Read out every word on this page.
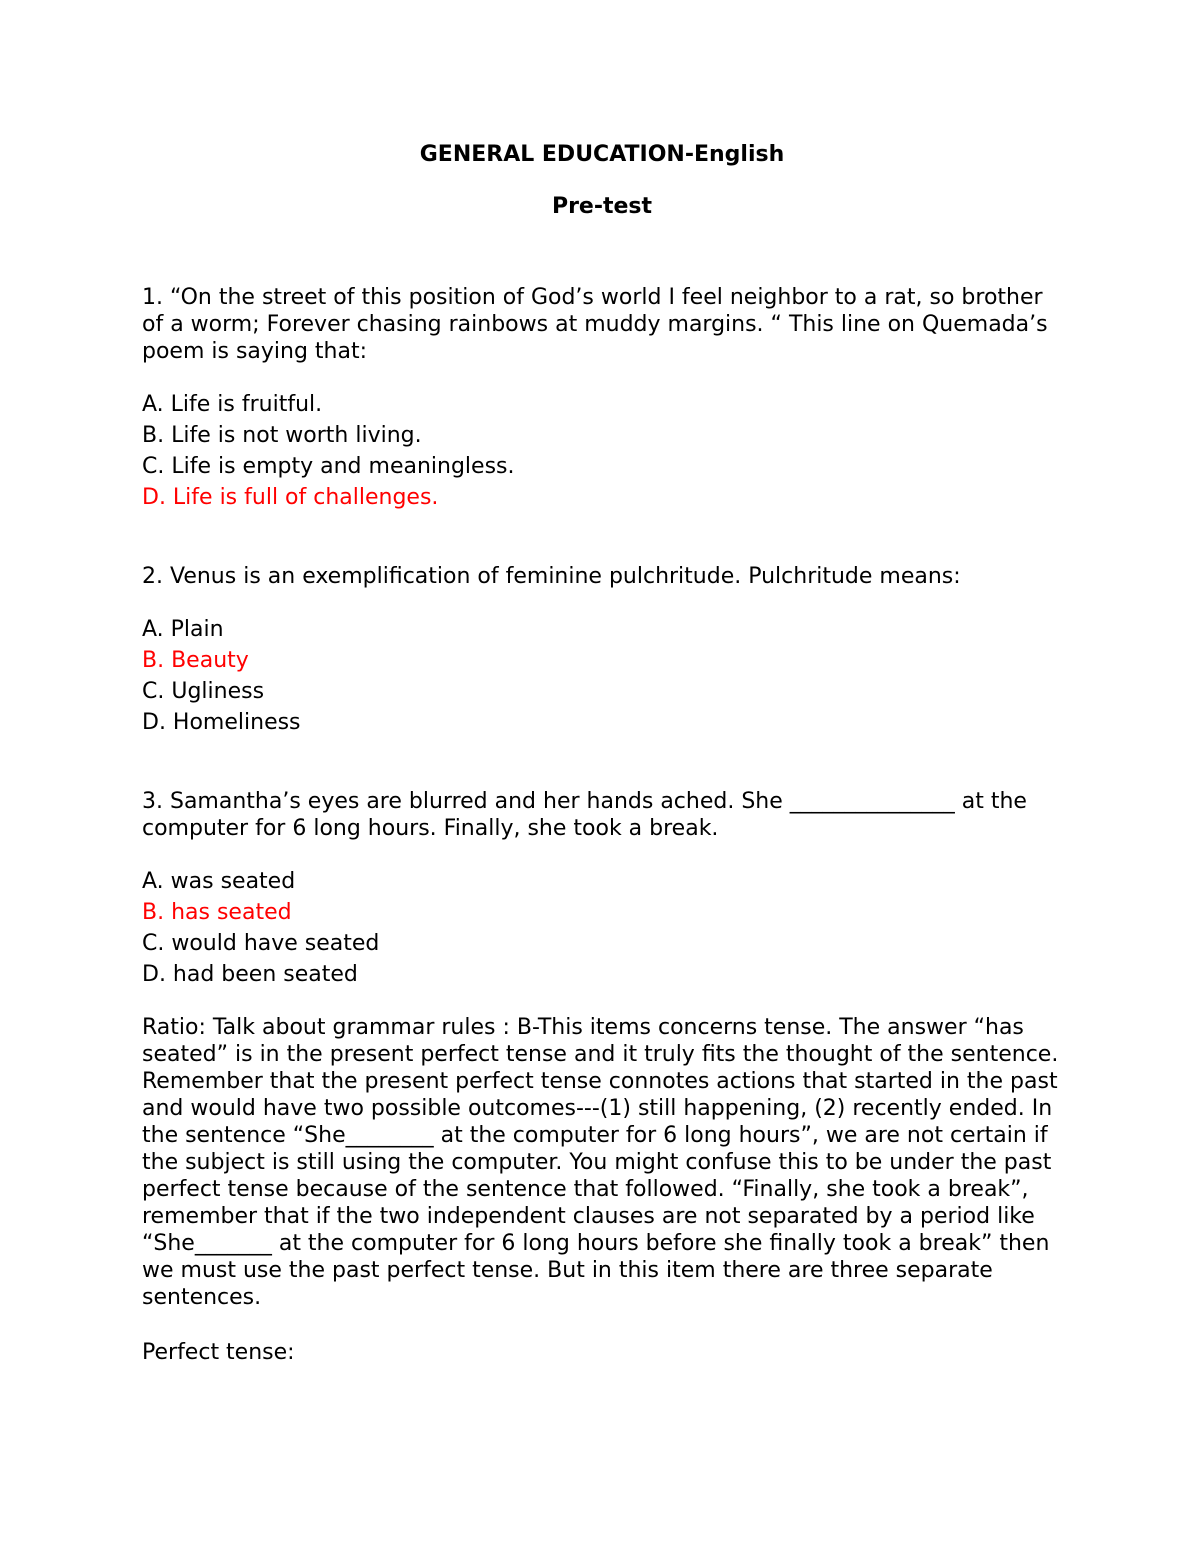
GENERAL EDUCATION-English

Pre-test

1. “On the street of this position of God’s world I feel neighbor to a rat, so brother of a worm; Forever chasing rainbows at muddy margins. “ This line on Quemada’s poem is saying that:

A. Life is fruitful.
B. Life is not worth living.
C. Life is empty and meaningless.
D. Life is full of challenges.

2. Venus is an exemplification of feminine pulchritude. Pulchritude means:

A. Plain
B. Beauty
C. Ugliness
D. Homeliness

3. Samantha’s eyes are blurred and her hands ached. She _______________ at the computer for 6 long hours. Finally, she took a break.

A. was seated
B. has seated
C. would have seated
D. had been seated

Ratio: Talk about grammar rules : B-This items concerns tense. The answer “has seated” is in the present perfect tense and it truly fits the thought of the sentence. Remember that the present perfect tense connotes actions that started in the past and would have two possible outcomes---(1) still happening, (2) recently ended. In the sentence “She________ at the computer for 6 long hours”, we are not certain if the subject is still using the computer. You might confuse this to be under the past perfect tense because of the sentence that followed. “Finally, she took a break”, remember that if the two independent clauses are not separated by a period like “She_______ at the computer for 6 long hours before she finally took a break” then we must use the past perfect tense. But in this item there are three separate sentences.

Perfect tense:
